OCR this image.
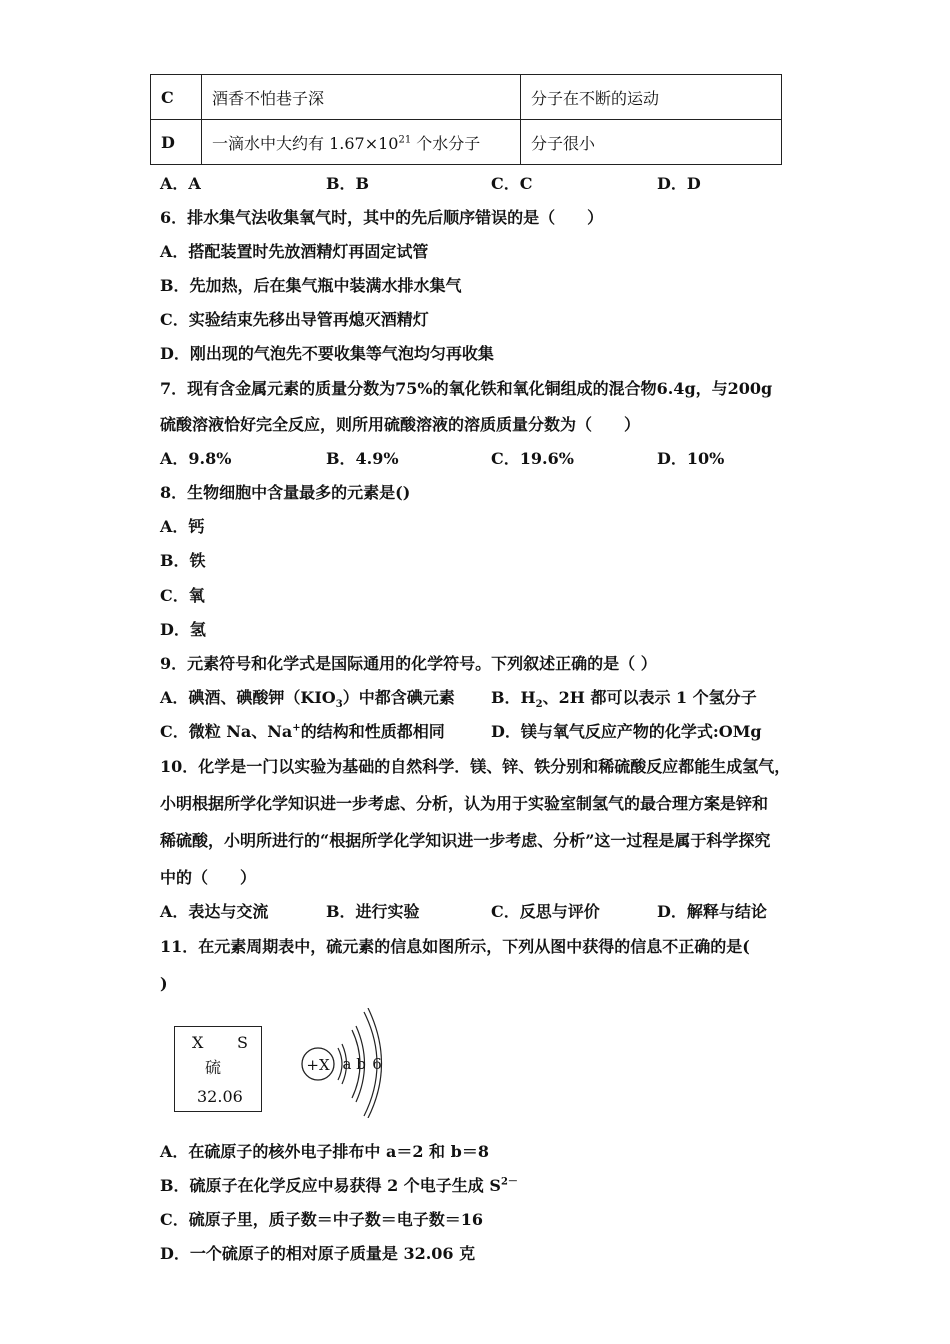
C	酒香不怕巷子深	分子在不断的运动
D	一滴水中大约有 $1.67\times 10^{21}$ 个水分子	分子很小
A．A	B．B	C．C	D．D
6．排水集气法收集氧气时，其中的先后顺序错误的是（　　）
A．搭配装置时先放酒精灯再固定试管
B．先加热，后在集气瓶中装满水排水集气
C．实验结束先移出导管再熄灭酒精灯
D．刚出现的气泡先不要收集等气泡均匀再收集
7．现有含金属元素的质量分数为75%的氧化铁和氧化铜组成的混合物6.4g，与200g
硫酸溶液恰好完全反应，则所用硫酸溶液的溶质质量分数为（　　）
A．9.8%	B．4.9%	C．19.6%	D．10%
8．生物细胞中含量最多的元素是()
A．钙
B．铁
C．氧
D．氢
9．元素符号和化学式是国际通用的化学符号。下列叙述正确的是（ ）
A．碘酒、碘酸钾$(KIO_3)$中都含碘元素 B．$H_2$、2H 都可以表示 1 个氢分子
C．微粒 Na、Na+的结构和性质都相同	D．镁与氧气反应产物的化学式:OMg
10．化学是一门以实验为基础的自然科学．镁、锌、铁分别和稀硫酸反应都能生成氢气，
小明根据所学化学知识进一步考虑、分析，认为用于实验室制氢气的最合理方案是锌和
稀硫酸，小明所进行的“根据所学化学知识进一步考虑、分析”这一过程是属于科学探究
中的（　　）
A．表达与交流	B．进行实验	C．反思与评价	D．解释与结论
11．在元素周期表中，硫元素的信息如图所示，下列从图中获得的信息不正确的是(
)
X S
硫
32.06
+X a b 6
A．在硫原子的核外电子排布中 a＝2 和 b＝8
B．硫原子在化学反应中易获得 2 个电子生成 $S^{2-}$
C．硫原子里，质子数＝中子数＝电子数＝16
D．一个硫原子的相对原子质量是 32.06 克
